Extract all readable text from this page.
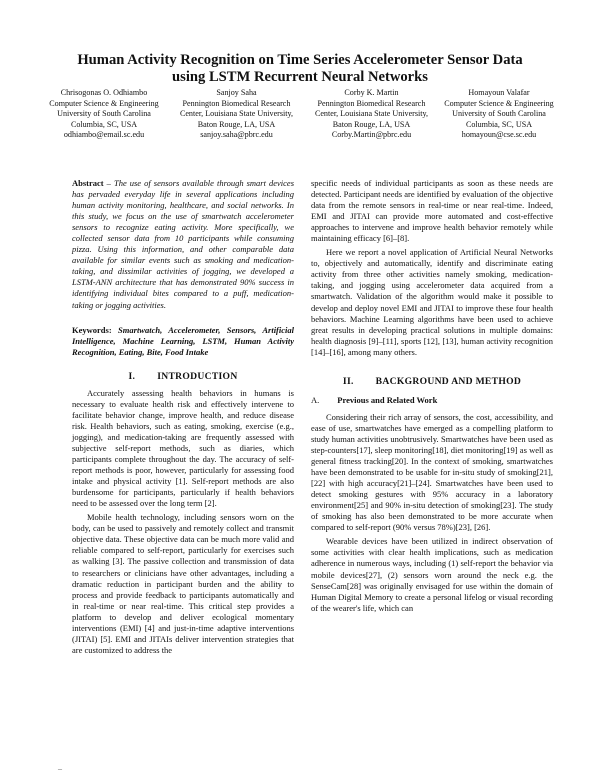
Human Activity Recognition on Time Series Accelerometer Sensor Data
using LSTM Recurrent Neural Networks
Chrisogonas O. Odhiambo
Computer Science & Engineering
University of South Carolina
Columbia, SC, USA
odhiambo@email.sc.edu
Sanjoy Saha
Pennington Biomedical Research
Center, Louisiana State University,
Baton Rouge, LA, USA
sanjoy.saha@pbrc.edu
Corby K. Martin
Pennington Biomedical Research
Center, Louisiana State University,
Baton Rouge, LA, USA
Corby.Martin@pbrc.edu
Homayoun Valafar
Computer Science & Engineering
University of South Carolina
Columbia, SC, USA
homayoun@cse.sc.edu

Abstract – The use of sensors available through smart devices has pervaded everyday life in several applications including human activity monitoring, healthcare, and social networks. In this study, we focus on the use of smartwatch accelerometer sensors to recognize eating activity. More specifically, we collected sensor data from 10 participants while consuming pizza. Using this information, and other comparable data available for similar events such as smoking and medication-taking, and dissimilar activities of jogging, we developed a LSTM-ANN architecture that has demonstrated 90% success in identifying individual bites compared to a puff, medication-taking or jogging activities.

Keywords: Smartwatch, Accelerometer, Sensors, Artificial Intelligence, Machine Learning, LSTM, Human Activity Recognition, Eating, Bite, Food Intake

I. INTRODUCTION

Accurately assessing health behaviors in humans is necessary to evaluate health risk and effectively intervene to facilitate behavior change, improve health, and reduce disease risk. Health behaviors, such as eating, smoking, exercise (e.g., jogging), and medication-taking are frequently assessed with subjective self-report methods, such as diaries, which participants complete throughout the day. The accuracy of self-report methods is poor, however, particularly for assessing food intake and physical activity [1]. Self-report methods are also burdensome for participants, particularly if health behaviors need to be assessed over the long term [2].

Mobile health technology, including sensors worn on the body, can be used to passively and remotely collect and transmit objective data. These objective data can be much more valid and reliable compared to self-report, particularly for exercises such as walking [3]. The passive collection and transmission of data to researchers or clinicians have other advantages, including a dramatic reduction in participant burden and the ability to process and provide feedback to participants automatically and in real-time or near real-time. This critical step provides a platform to develop and deliver ecological momentary interventions (EMI) [4] and just-in-time adaptive interventions (JITAI) [5]. EMI and JITAIs deliver intervention strategies that are customized to address the

specific needs of individual participants as soon as these needs are detected. Participant needs are identified by evaluation of the objective data from the remote sensors in real-time or near real-time. Indeed, EMI and JITAI can provide more automated and cost-effective approaches to intervene and improve health behavior remotely while maintaining efficacy [6]–[8].

Here we report a novel application of Artificial Neural Networks to, objectively and automatically, identify and discriminate eating activity from three other activities namely smoking, medication-taking, and jogging using accelerometer data acquired from a smartwatch. Validation of the algorithm would make it possible to develop and deploy novel EMI and JITAI to improve these four health behaviors. Machine Learning algorithms have been used to achieve great results in developing practical solutions in multiple domains: health diagnosis [9]–[11], sports [12], [13], human activity recognition [14]–[16], among many others.

II. BACKGROUND AND METHOD
A. Previous and Related Work

Considering their rich array of sensors, the cost, accessibility, and ease of use, smartwatches have emerged as a compelling platform to study human activities unobtrusively. Smartwatches have been used as step-counters[17], sleep monitoring[18], diet monitoring[19] as well as general fitness tracking[20]. In the context of smoking, smartwatches have been demonstrated to be usable for in-situ study of smoking[21], [22] with high accuracy[21]–[24]. Smartwatches have been used to detect smoking gestures with 95% accuracy in a laboratory environment[25] and 90% in-situ detection of smoking[23]. The study of smoking has also been demonstrated to be more accurate when compared to self-report (90% versus 78%)[23], [26].

Wearable devices have been utilized in indirect observation of some activities with clear health implications, such as medication adherence in numerous ways, including (1) self-report the behavior via mobile devices[27], (2) sensors worn around the neck e.g. the SenseCam[28] was originally envisaged for use within the domain of Human Digital Memory to create a personal lifelog or visual recording of the wearer's life, which can

–
